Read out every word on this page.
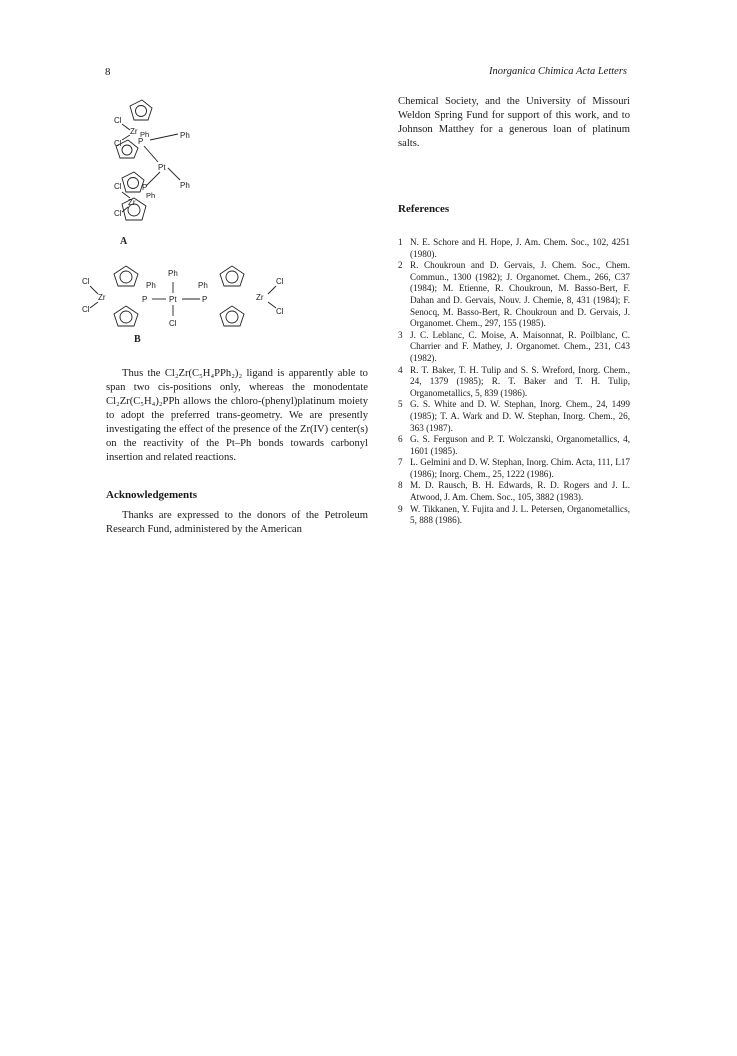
8	Inorganica Chimica Acta Letters
Cl
Zr
Cl
Ph
P
Ph
Pt
Ph
Cl	P
Ph
Zr
Cl
A
Cl
Zr
Cl
Ph
P	Pt	P
Ph
Cl
Ph
Zr
Cl
Cl
B

Thus the Cl₂Zr(C₅H₄PPh₂)₂ ligand is apparently able to span two cis-positions only, whereas the monodentate Cl₂Zr(C₅H₄)₂PPh allows the chloro-(phenyl)platinum moiety to adopt the preferred trans-geometry. We are presently investigating the effect of the presence of the Zr(IV) center(s) on the reactivity of the Pt–Ph bonds towards carbonyl insertion and related reactions.

Acknowledgements

Thanks are expressed to the donors of the Petroleum Research Fund, administered by the American

Chemical Society, and the University of Missouri Weldon Spring Fund for support of this work, and to Johnson Matthey for a generous loan of platinum salts.

References

1 N. E. Schore and H. Hope, J. Am. Chem. Soc., 102, 4251 (1980).
2 R. Choukroun and D. Gervais, J. Chem. Soc., Chem. Commun., 1300 (1982); J. Organomet. Chem., 266, C37 (1984); M. Etienne, R. Choukroun, M. Basso-Bert, F. Dahan and D. Gervais, Nouv. J. Chemie, 8, 431 (1984); F. Senocq, M. Basso-Bert, R. Choukroun and D. Gervais, J. Organomet. Chem., 297, 155 (1985).
3 J. C. Leblanc, C. Moise, A. Maisonnat, R. Poilblanc, C. Charrier and F. Mathey, J. Organomet. Chem., 231, C43 (1982).
4 R. T. Baker, T. H. Tulip and S. S. Wreford, Inorg. Chem., 24, 1379 (1985); R. T. Baker and T. H. Tulip, Organometallics, 5, 839 (1986).
5 G. S. White and D. W. Stephan, Inorg. Chem., 24, 1499 (1985); T. A. Wark and D. W. Stephan, Inorg. Chem., 26, 363 (1987).
6 G. S. Ferguson and P. T. Wolczanski, Organometallics, 4, 1601 (1985).
7 L. Gelmini and D. W. Stephan, Inorg. Chim. Acta, 111, L17 (1986); Inorg. Chem., 25, 1222 (1986).
8 M. D. Rausch, B. H. Edwards, R. D. Rogers and J. L. Atwood, J. Am. Chem. Soc., 105, 3882 (1983).
9 W. Tikkanen, Y. Fujita and J. L. Petersen, Organometallics, 5, 888 (1986).
